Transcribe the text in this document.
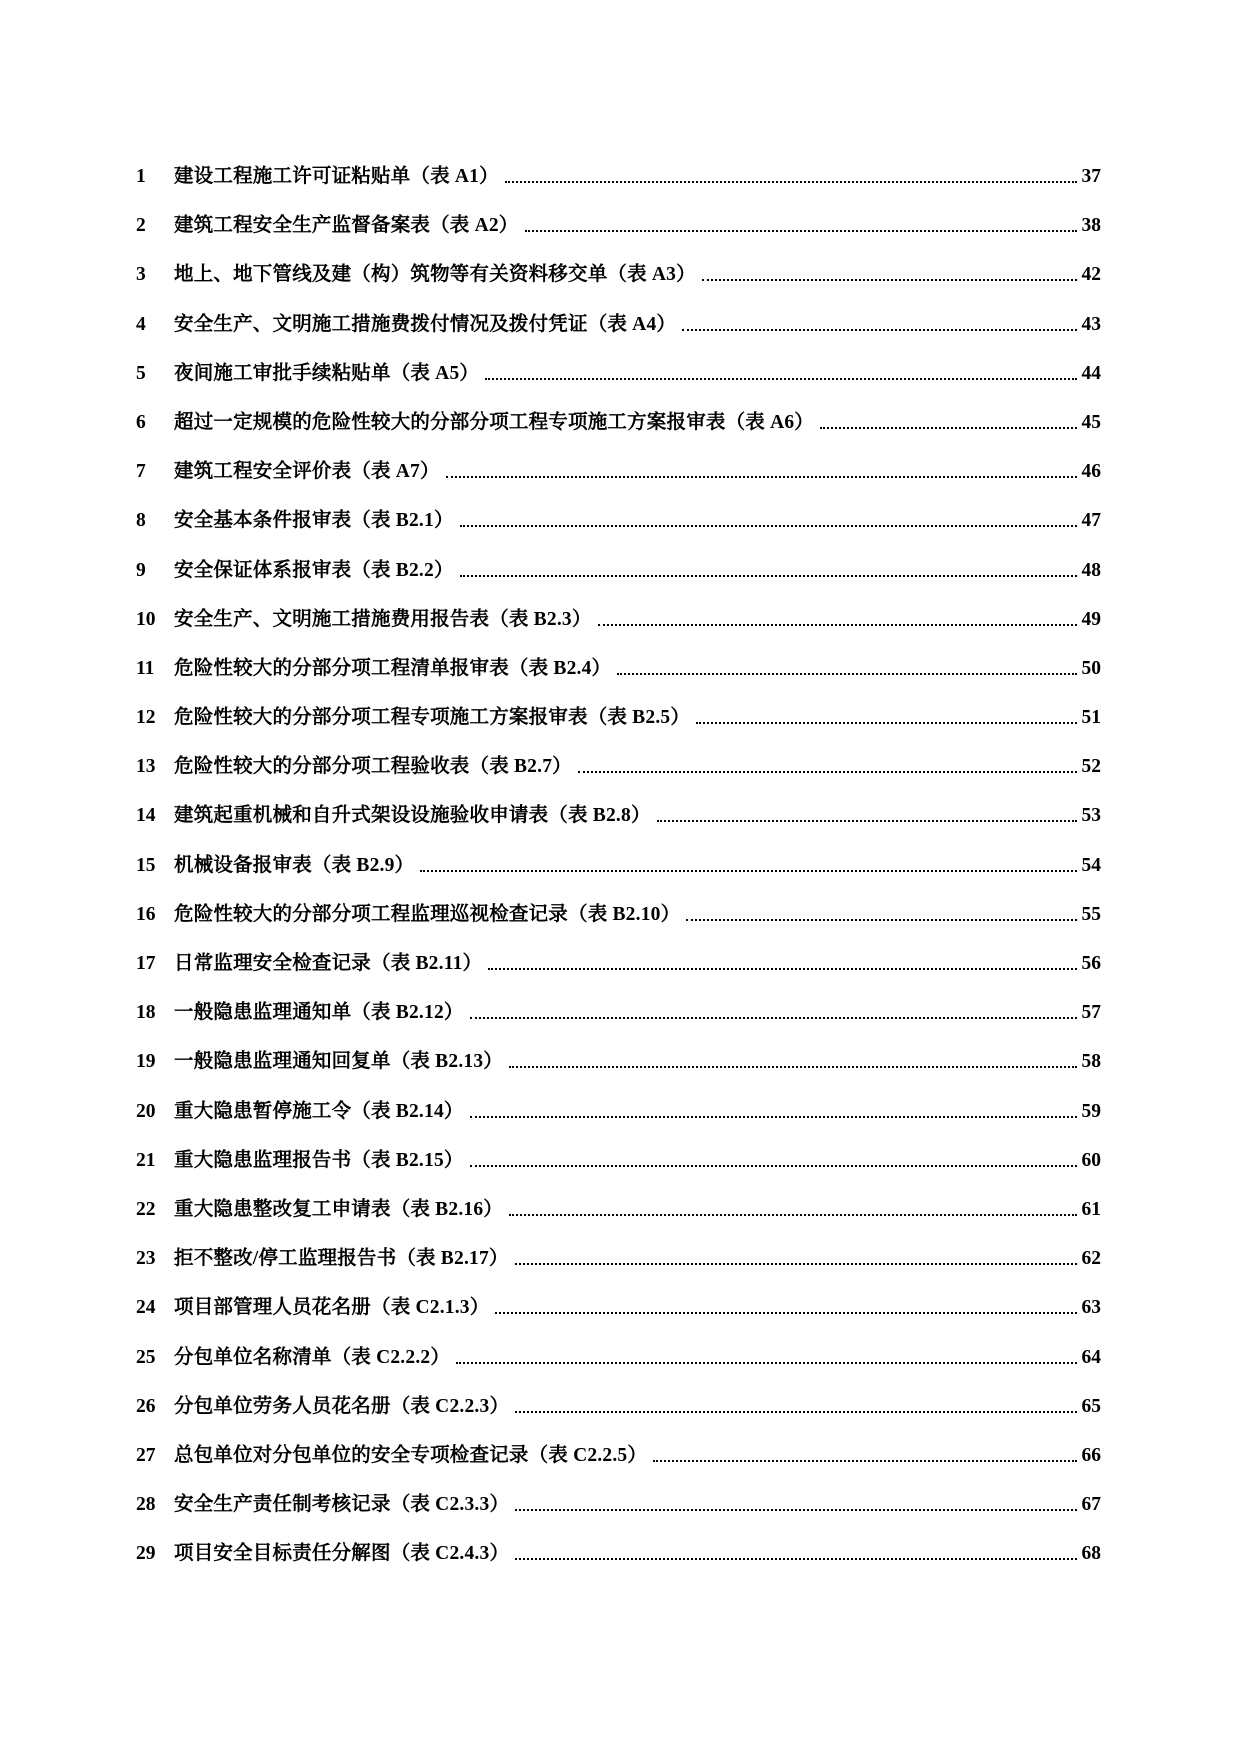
1	建设工程施工许可证粘贴单（表 A1）	37
2	建筑工程安全生产监督备案表（表 A2）	38
3	地上、地下管线及建（构）筑物等有关资料移交单（表 A3）	42
4	安全生产、文明施工措施费拨付情况及拨付凭证（表 A4）	43
5	夜间施工审批手续粘贴单（表 A5）	44
6	超过一定规模的危险性较大的分部分项工程专项施工方案报审表（表 A6）	45
7	建筑工程安全评价表（表 A7）	46
8	安全基本条件报审表（表 B2.1）	47
9	安全保证体系报审表（表 B2.2）	48
10 安全生产、文明施工措施费用报告表（表 B2.3）	49
11 危险性较大的分部分项工程清单报审表（表 B2.4）	50
12 危险性较大的分部分项工程专项施工方案报审表（表 B2.5）	51
13 危险性较大的分部分项工程验收表（表 B2.7）	52
14 建筑起重机械和自升式架设设施验收申请表（表 B2.8）	53
15 机械设备报审表（表 B2.9）	54
16 危险性较大的分部分项工程监理巡视检查记录（表 B2.10）	55
17 日常监理安全检查记录（表 B2.11）	56
18 一般隐患监理通知单（表 B2.12）	57
19 一般隐患监理通知回复单（表 B2.13）	58
20 重大隐患暂停施工令（表 B2.14）	59
21 重大隐患监理报告书（表 B2.15）	60
22 重大隐患整改复工申请表（表 B2.16）	61
23 拒不整改/停工监理报告书（表 B2.17）	62
24 项目部管理人员花名册（表 C2.1.3）	63
25 分包单位名称清单（表 C2.2.2）	64
26 分包单位劳务人员花名册（表 C2.2.3）	65
27 总包单位对分包单位的安全专项检查记录（表 C2.2.5）	66
28 安全生产责任制考核记录（表 C2.3.3）	67
29 项目安全目标责任分解图（表 C2.4.3）	68
